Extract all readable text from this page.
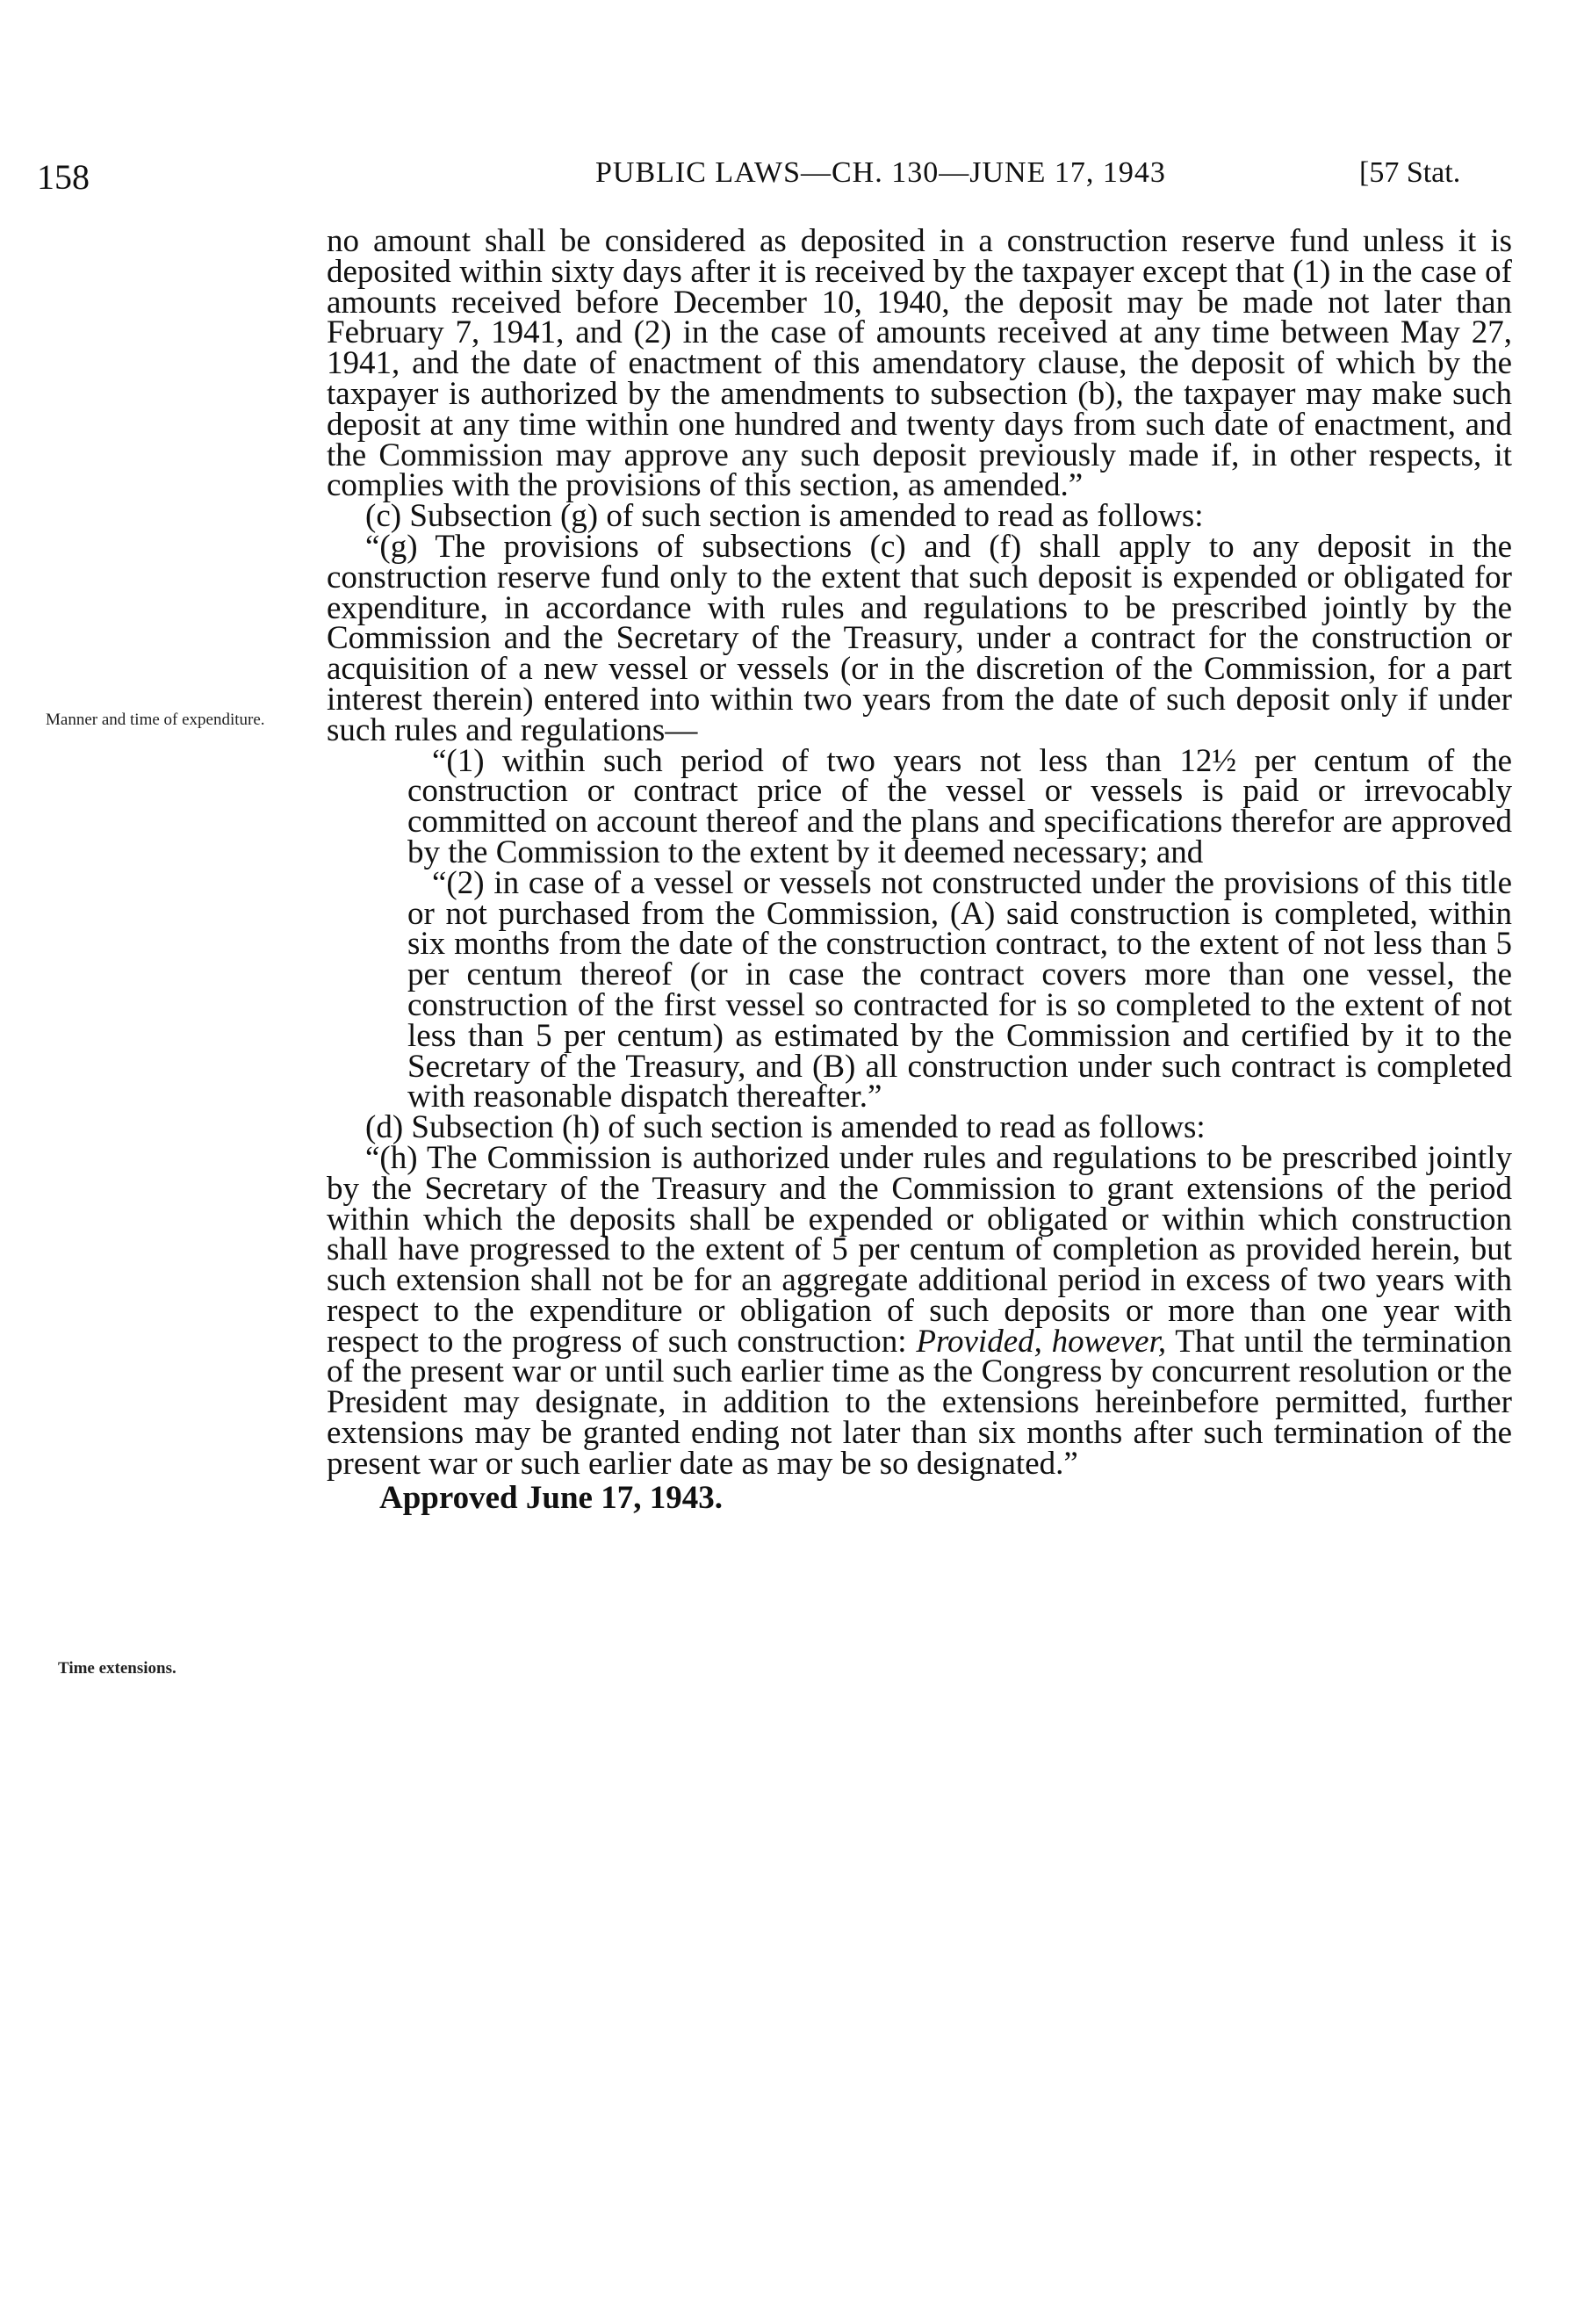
158	PUBLIC LAWS—CH. 130—JUNE 17, 1943	[57 Stat.
Manner and time of expenditure.
Time extensions.

no amount shall be considered as deposited in a construction reserve fund unless it is deposited within sixty days after it is received by the taxpayer except that (1) in the case of amounts received before December 10, 1940, the deposit may be made not later than February 7, 1941, and (2) in the case of amounts received at any time between May 27, 1941, and the date of enactment of this amendatory clause, the deposit of which by the taxpayer is authorized by the amendments to subsection (b), the taxpayer may make such deposit at any time within one hundred and twenty days from such date of enactment, and the Commission may approve any such deposit previously made if, in other respects, it complies with the provisions of this section, as amended.”

(c) Subsection (g) of such section is amended to read as follows:

“(g) The provisions of subsections (c) and (f) shall apply to any deposit in the construction reserve fund only to the extent that such deposit is expended or obligated for expenditure, in accordance with rules and regulations to be prescribed jointly by the Commission and the Secretary of the Treasury, under a contract for the construction or acquisition of a new vessel or vessels (or in the discretion of the Commission, for a part interest therein) entered into within two years from the date of such deposit only if under such rules and regulations—

“(1) within such period of two years not less than 12½ per centum of the construction or contract price of the vessel or vessels is paid or irrevocably committed on account thereof and the plans and specifications therefor are approved by the Commission to the extent by it deemed necessary; and

“(2) in case of a vessel or vessels not constructed under the provisions of this title or not purchased from the Commission, (A) said construction is completed, within six months from the date of the construction contract, to the extent of not less than 5 per centum thereof (or in case the contract covers more than one vessel, the construction of the first vessel so contracted for is so completed to the extent of not less than 5 per centum) as estimated by the Commission and certified by it to the Secretary of the Treasury, and (B) all construction under such contract is completed with reasonable dispatch thereafter.”

(d) Subsection (h) of such section is amended to read as follows:

“(h) The Commission is authorized under rules and regulations to be prescribed jointly by the Secretary of the Treasury and the Commission to grant extensions of the period within which the deposits shall be expended or obligated or within which construction shall have progressed to the extent of 5 per centum of completion as provided herein, but such extension shall not be for an aggregate additional period in excess of two years with respect to the expenditure or obligation of such deposits or more than one year with respect to the progress of such construction: Provided, however, That until the termination of the present war or until such earlier time as the Congress by concurrent resolution or the President may designate, in addition to the extensions hereinbefore permitted, further extensions may be granted ending not later than six months after such termination of the present war or such earlier date as may be so designated.”

Approved June 17, 1943.
